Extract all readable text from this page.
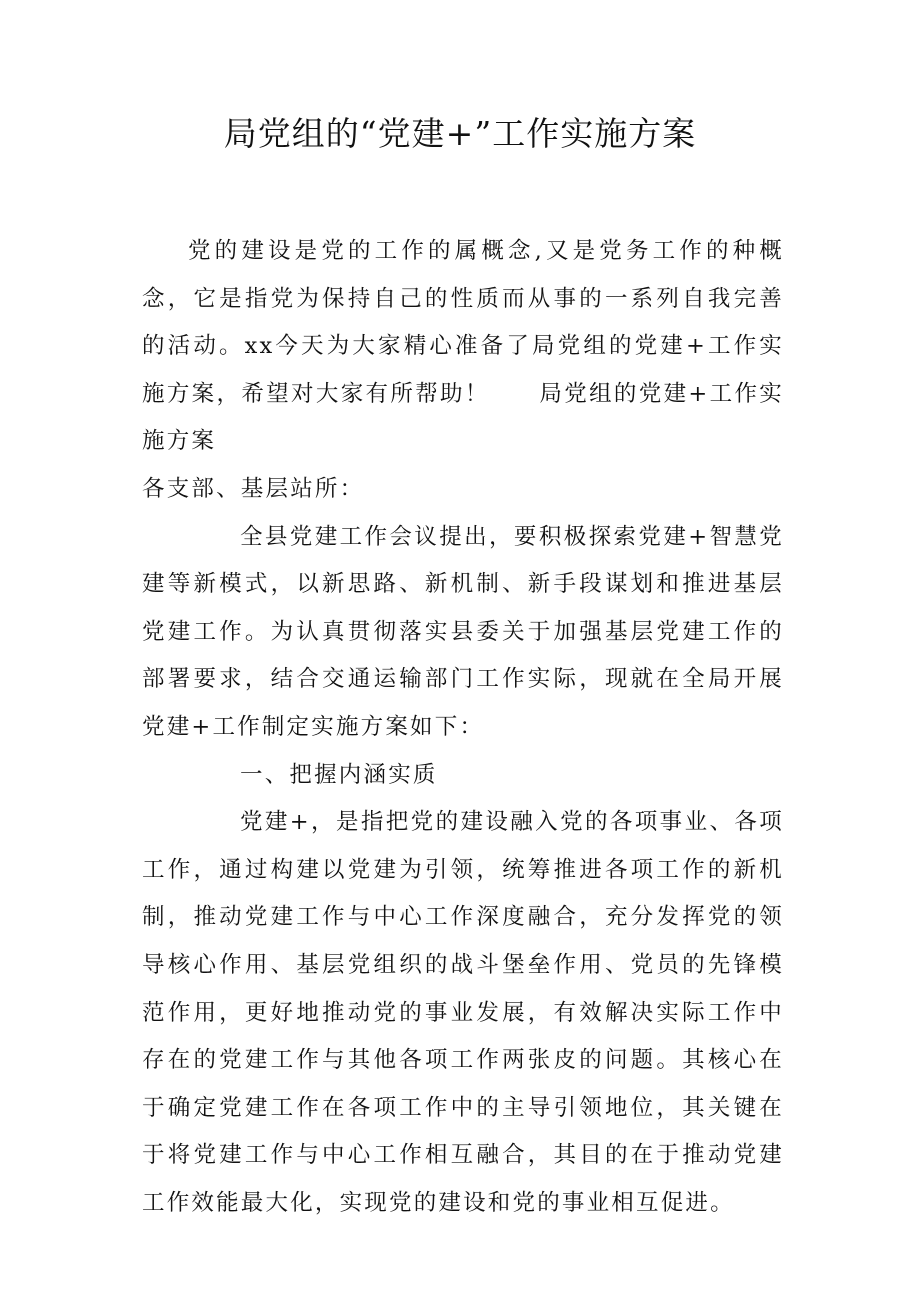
局党组的“党建+”工作实施方案

党的建设是党的工作的属概念,又是党务工作的种概念，它是指党为保持自己的性质而从事的一系列自我完善的活动。xx今天为大家精心准备了局党组的党建+工作实施方案，希望对大家有所帮助！　　局党组的党建+工作实施方案

各支部、基层站所：

全县党建工作会议提出，要积极探索党建+智慧党建等新模式，以新思路、新机制、新手段谋划和推进基层党建工作。为认真贯彻落实县委关于加强基层党建工作的部署要求，结合交通运输部门工作实际，现就在全局开展党建+工作制定实施方案如下：

一、把握内涵实质

党建+，是指把党的建设融入党的各项事业、各项工作，通过构建以党建为引领，统筹推进各项工作的新机制，推动党建工作与中心工作深度融合，充分发挥党的领导核心作用、基层党组织的战斗堡垒作用、党员的先锋模范作用，更好地推动党的事业发展，有效解决实际工作中存在的党建工作与其他各项工作两张皮的问题。其核心在于确定党建工作在各项工作中的主导引领地位，其关键在于将党建工作与中心工作相互融合，其目的在于推动党建工作效能最大化，实现党的建设和党的事业相互促进。
